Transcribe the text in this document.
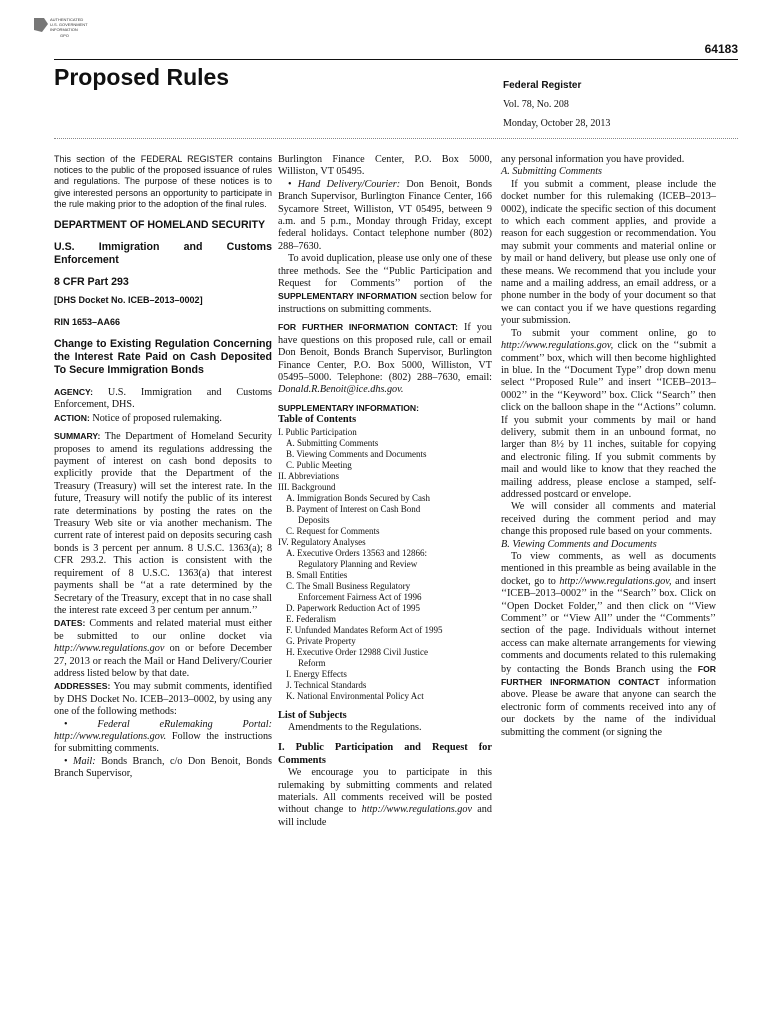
AUTHENTICATED
U.S. GOVERNMENT
INFORMATION
GPO
64183
Proposed Rules	Federal Register
Vol. 78, No. 208
Monday, October 28, 2013

This section of the FEDERAL REGISTER contains notices to the public of the proposed issuance of rules and regulations. The purpose of these notices is to give interested persons an opportunity to participate in the rule making prior to the adoption of the final rules.

DEPARTMENT OF HOMELAND SECURITY

U.S. Immigration and Customs Enforcement

8 CFR Part 293

[DHS Docket No. ICEB–2013–0002]

RIN 1653–AA66

Change to Existing Regulation Concerning the Interest Rate Paid on Cash Deposited To Secure Immigration Bonds

AGENCY: U.S. Immigration and Customs Enforcement, DHS.

ACTION: Notice of proposed rulemaking.

SUMMARY: The Department of Homeland Security proposes to amend its regulations addressing the payment of interest on cash bond deposits to explicitly provide that the Department of the Treasury (Treasury) will set the interest rate. In the future, Treasury will notify the public of its interest rate determinations by posting the rates on the Treasury Web site or via another mechanism. The current rate of interest paid on deposits securing cash bonds is 3 percent per annum. 8 U.S.C. 1363(a); 8 CFR 293.2. This action is consistent with the requirement of 8 U.S.C. 1363(a) that interest payments shall be ‘‘at a rate determined by the Secretary of the Treasury, except that in no case shall the interest rate exceed 3 per centum per annum.’’

DATES: Comments and related material must either be submitted to our online docket via http://www.regulations.gov on or before December 27, 2013 or reach the Mail or Hand Delivery/Courier address listed below by that date.

ADDRESSES: You may submit comments, identified by DHS Docket No. ICEB–2013–0002, by using any one of the following methods:

• Federal eRulemaking Portal: http://www.regulations.gov. Follow the instructions for submitting comments.

• Mail: Bonds Branch, c/o Don Benoit, Bonds Branch Supervisor,

Burlington Finance Center, P.O. Box 5000, Williston, VT 05495.

• Hand Delivery/Courier: Don Benoit, Bonds Branch Supervisor, Burlington Finance Center, 166 Sycamore Street, Williston, VT 05495, between 9 a.m. and 5 p.m., Monday through Friday, except federal holidays. Contact telephone number (802) 288–7630.

To avoid duplication, please use only one of these three methods. See the ‘‘Public Participation and Request for Comments’’ portion of the SUPPLEMENTARY INFORMATION section below for instructions on submitting comments.

FOR FURTHER INFORMATION CONTACT: If you have questions on this proposed rule, call or email Don Benoit, Bonds Branch Supervisor, Burlington Finance Center, P.O. Box 5000, Williston, VT 05495–5000. Telephone: (802) 288–7630, email: Donald.R.Benoit@ice.dhs.gov.

SUPPLEMENTARY INFORMATION:

Table of Contents

I. Public Participation

A. Submitting Comments

B. Viewing Comments and Documents

C. Public Meeting

II. Abbreviations

III. Background

A. Immigration Bonds Secured by Cash

B. Payment of Interest on Cash Bond

Deposits

C. Request for Comments

IV. Regulatory Analyses

A. Executive Orders 13563 and 12866:

Regulatory Planning and Review

B. Small Entities

C. The Small Business Regulatory

Enforcement Fairness Act of 1996

D. Paperwork Reduction Act of 1995

E. Federalism

F. Unfunded Mandates Reform Act of 1995

G. Private Property

H. Executive Order 12988 Civil Justice

Reform

I. Energy Effects

J. Technical Standards

K. National Environmental Policy Act

List of Subjects

Amendments to the Regulations.

I. Public Participation and Request for Comments

We encourage you to participate in this rulemaking by submitting comments and related materials. All comments received will be posted without change to http://www.regulations.gov and will include

any personal information you have provided.

A. Submitting Comments

If you submit a comment, please include the docket number for this rulemaking (ICEB–2013–0002), indicate the specific section of this document to which each comment applies, and provide a reason for each suggestion or recommendation. You may submit your comments and material online or by mail or hand delivery, but please use only one of these means. We recommend that you include your name and a mailing address, an email address, or a phone number in the body of your document so that we can contact you if we have questions regarding your submission.

To submit your comment online, go to http://www.regulations.gov, click on the ‘‘submit a comment’’ box, which will then become highlighted in blue. In the ‘‘Document Type’’ drop down menu select ‘‘Proposed Rule’’ and insert ‘‘ICEB–2013–0002’’ in the ‘‘Keyword’’ box. Click ‘‘Search’’ then click on the balloon shape in the ‘‘Actions’’ column. If you submit your comments by mail or hand delivery, submit them in an unbound format, no larger than 8½ by 11 inches, suitable for copying and electronic filing. If you submit comments by mail and would like to know that they reached the mailing address, please enclose a stamped, self-addressed postcard or envelope.

We will consider all comments and material received during the comment period and may change this proposed rule based on your comments.

B. Viewing Comments and Documents

To view comments, as well as documents mentioned in this preamble as being available in the docket, go to http://www.regulations.gov, and insert ‘‘ICEB–2013–0002’’ in the ‘‘Search’’ box. Click on ‘‘Open Docket Folder,’’ and then click on ‘‘View Comment’’ or ‘‘View All’’ under the ‘‘Comments’’ section of the page. Individuals without internet access can make alternate arrangements for viewing comments and documents related to this rulemaking by contacting the Bonds Branch using the FOR FURTHER INFORMATION CONTACT information above. Please be aware that anyone can search the electronic form of comments received into any of our dockets by the name of the individual submitting the comment (or signing the
